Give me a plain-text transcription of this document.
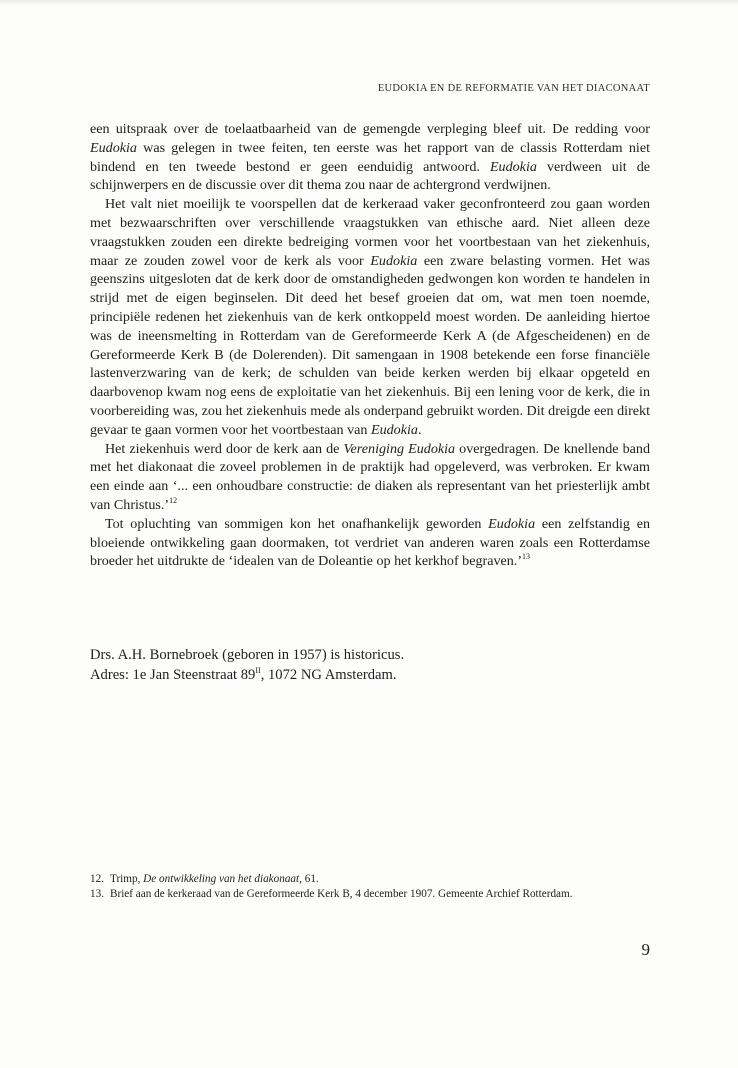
EUDOKIA EN DE REFORMATIE VAN HET DIACONAAT

een uitspraak over de toelaatbaarheid van de gemengde verpleging bleef uit. De redding voor Eudokia was gelegen in twee feiten, ten eerste was het rapport van de classis Rotterdam niet bindend en ten tweede bestond er geen eenduidig antwoord. Eudokia verdween uit de schijnwerpers en de discussie over dit thema zou naar de achtergrond verdwijnen.

Het valt niet moeilijk te voorspellen dat de kerkeraad vaker geconfronteerd zou gaan worden met bezwaarschriften over verschillende vraagstukken van ethische aard. Niet alleen deze vraagstukken zouden een direkte bedreiging vormen voor het voortbestaan van het ziekenhuis, maar ze zouden zowel voor de kerk als voor Eudokia een zware belasting vormen. Het was geenszins uitgesloten dat de kerk door de omstandigheden gedwongen kon worden te handelen in strijd met de eigen beginselen. Dit deed het besef groeien dat om, wat men toen noemde, principiële redenen het ziekenhuis van de kerk ontkoppeld moest worden. De aanleiding hiertoe was de ineensmelting in Rotterdam van de Gereformeerde Kerk A (de Afgescheidenen) en de Gereformeerde Kerk B (de Dolerenden). Dit samengaan in 1908 betekende een forse financiële lastenverzwaring van de kerk; de schulden van beide kerken werden bij elkaar opgeteld en daarbovenop kwam nog eens de exploitatie van het ziekenhuis. Bij een lening voor de kerk, die in voorbereiding was, zou het ziekenhuis mede als onderpand gebruikt worden. Dit dreigde een direkt gevaar te gaan vormen voor het voortbestaan van Eudokia.

Het ziekenhuis werd door de kerk aan de Vereniging Eudokia overgedragen. De knellende band met het diakonaat die zoveel problemen in de praktijk had opgeleverd, was verbroken. Er kwam een einde aan ‘... een onhoudbare constructie: de diaken als representant van het priesterlijk ambt van Christus.’$^{12}$

Tot opluchting van sommigen kon het onafhankelijk geworden Eudokia een zelfstandig en bloeiende ontwikkeling gaan doormaken, tot verdriet van anderen waren zoals een Rotterdamse broeder het uitdrukte de ‘idealen van de Doleantie op het kerkhof begraven.’$^{13}$

Drs. A.H. Bornebroek (geboren in 1957) is historicus.
Adres: 1e Jan Steenstraat $89^{II}$, 1072 NG Amsterdam.
12. Trimp, De ontwikkeling van het diakonaat, 61.
13. Brief aan de kerkeraad van de Gereformeerde Kerk B, 4 december 1907. Gemeente Archief Rotterdam.
9
